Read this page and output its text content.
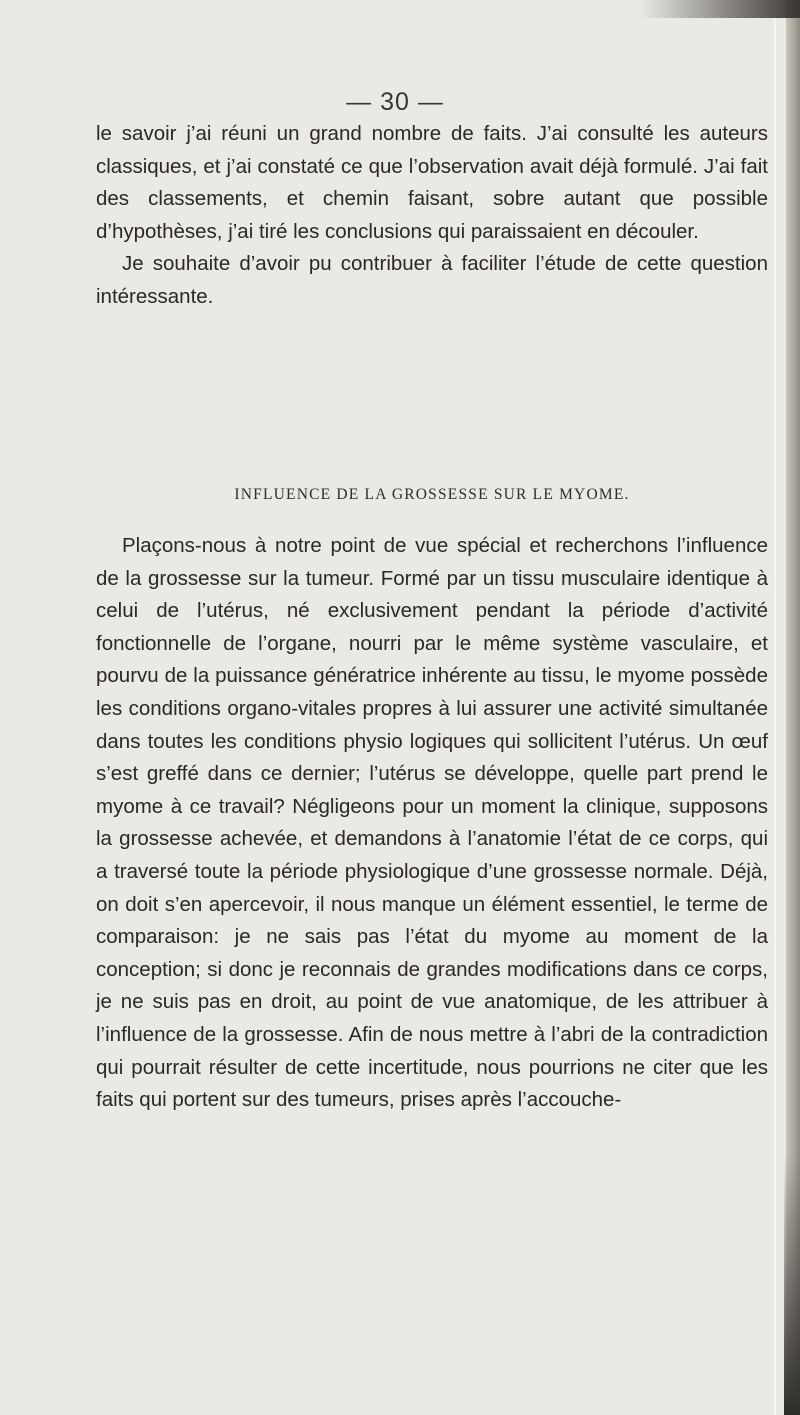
— 30 —

le savoir j’ai réuni un grand nombre de faits. J’ai consulté les auteurs classiques, et j’ai constaté ce que l’observation avait déjà formulé. J’ai fait des classements, et chemin faisant, sobre autant que possible d’hypothèses, j’ai tiré les conclusions qui paraissaient en découler.

Je souhaite d’avoir pu contribuer à faciliter l’étude de cette question intéressante.

INFLUENCE DE LA GROSSESSE SUR LE MYOME.

Plaçons-nous à notre point de vue spécial et recherchons l’influence de la grossesse sur la tumeur. Formé par un tissu musculaire identique à celui de l’utérus, né exclusivement pendant la période d’activité fonctionnelle de l’organe, nourri par le même système vasculaire, et pourvu de la puissance génératrice inhérente au tissu, le myome possède les conditions organo-vitales propres à lui assurer une activité simultanée dans toutes les conditions physio logiques qui sollicitent l’utérus. Un œuf s’est greffé dans ce dernier; l’utérus se développe, quelle part prend le myome à ce travail? Négligeons pour un moment la clinique, supposons la grossesse achevée, et demandons à l’anatomie l’état de ce corps, qui a traversé toute la période physiologique d’une grossesse normale. Déjà, on doit s’en apercevoir, il nous manque un élément essentiel, le terme de comparaison: je ne sais pas l’état du myome au moment de la conception; si donc je reconnais de grandes modifications dans ce corps, je ne suis pas en droit, au point de vue anatomique, de les attribuer à l’influence de la grossesse. Afin de nous mettre à l’abri de la contradiction qui pourrait résulter de cette incertitude, nous pourrions ne citer que les faits qui portent sur des tumeurs, prises après l’accouche-
